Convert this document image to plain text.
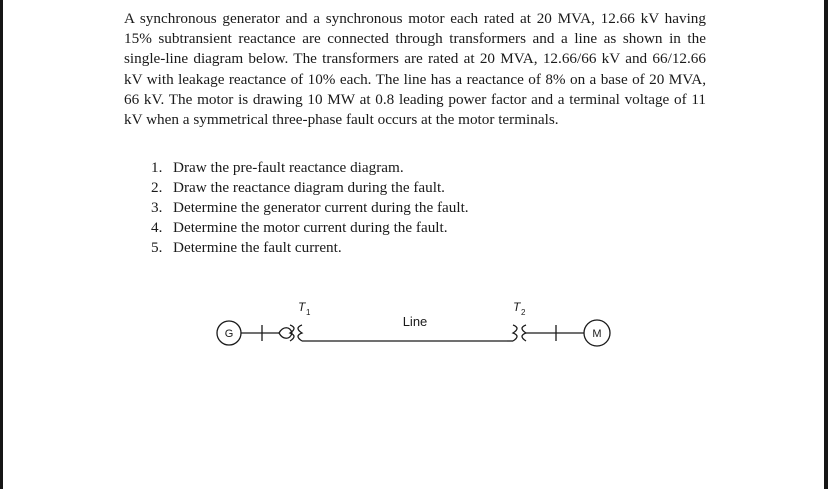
A synchronous generator and a synchronous motor each rated at 20 MVA, 12.66 kV having 15% subtransient reactance are connected through transformers and a line as shown in the single-line diagram below. The transformers are rated at 20 MVA, 12.66/66 kV and 66/12.66 kV with leakage reactance of 10% each. The line has a reactance of 8% on a base of 20 MVA, 66 kV. The motor is drawing 10 MW at 0.8 leading power factor and a terminal voltage of 11 kV when a symmetrical three-phase fault occurs at the motor terminals.

1. Draw the pre-fault reactance diagram.
2. Draw the reactance diagram during the fault.
3. Determine the generator current during the fault.
4. Determine the motor current during the fault.
5. Determine the fault current.
G	M
T 1	T 2
Line
